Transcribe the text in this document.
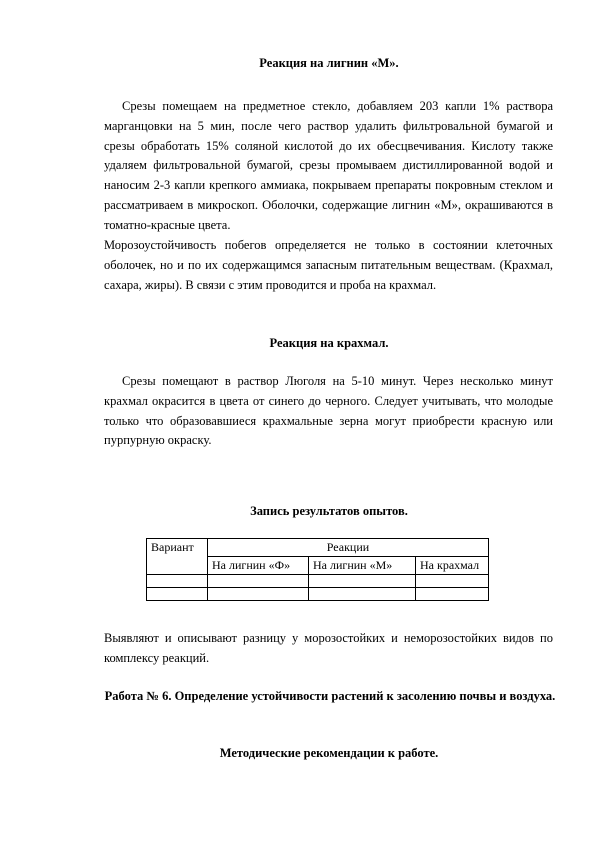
Реакция на лигнин «М».

Срезы помещаем на предметное стекло, добавляем 203 капли 1% раствора марганцовки на 5 мин, после чего раствор удалить фильтровальной бумагой и срезы обработать 15% соляной кислотой до их обесцвечивания. Кислоту также удаляем фильтровальной бумагой, срезы промываем дистиллированной водой и наносим 2-3 капли крепкого аммиака, покрываем препараты покровным стеклом и рассматриваем в микроскоп. Оболочки, содержащие лигнин «М», окрашиваются в томатно-красные цвета.

Морозоустойчивость побегов определяется не только в состоянии клеточных оболочек, но и по их содержащимся запасным питательным веществам. (Крахмал, сахара, жиры). В связи с этим проводится и проба на крахмал.

Реакция на крахмал.

Срезы помещают в раствор Люголя на 5-10 минут. Через несколько минут крахмал окрасится в цвета от синего до черного. Следует учитывать, что молодые только что образовавшиеся крахмальные зерна могут приобрести красную или пурпурную окраску.

Запись результатов опытов.
Вариант	Реакции		
	На лигнин «Ф»	На лигнин «М»	На крахмал

Выявляют и описывают разницу у морозостойких и неморозостойких видов по комплексу реакций.

Работа № 6. Определение устойчивости растений к засолению почвы и воздуха.
Методические рекомендации к работе.
